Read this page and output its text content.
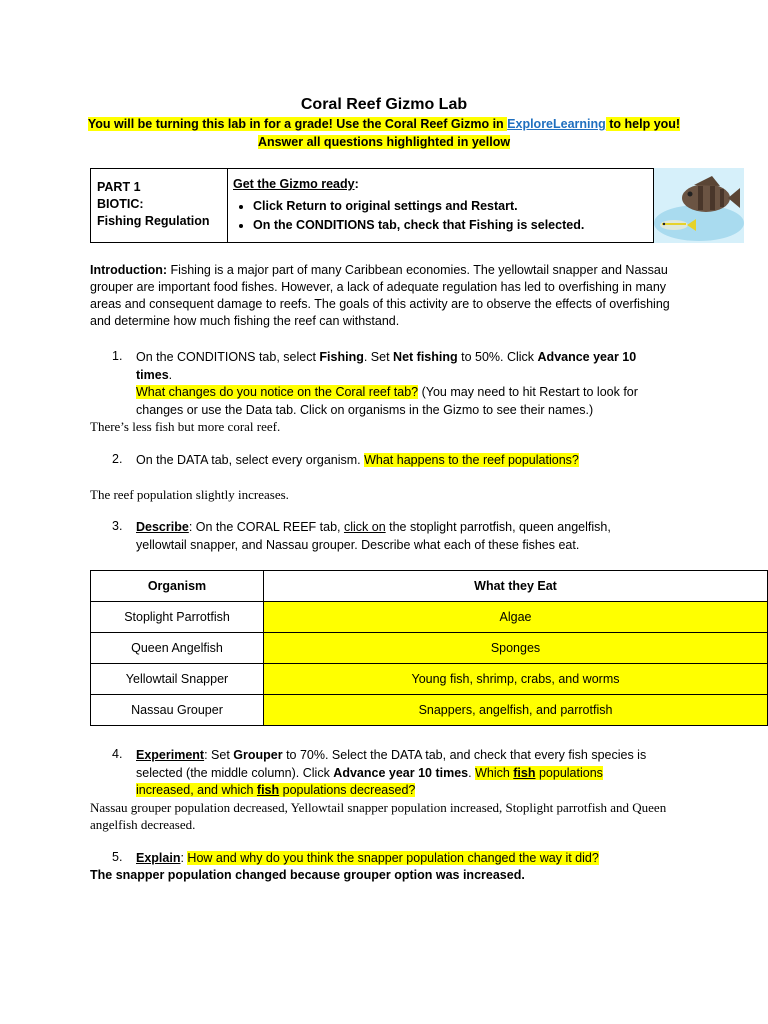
Coral Reef Gizmo Lab
You will be turning this lab in for a grade! Use the Coral Reef Gizmo in ExploreLearning to help you!
Answer all questions highlighted in yellow
PART 1
BIOTIC:
Fishing Regulation
Get the Gizmo ready:
• Click Return to original settings and Restart.
• On the CONDITIONS tab, check that Fishing is selected.
Introduction: Fishing is a major part of many Caribbean economies. The yellowtail snapper and Nassau grouper are important food fishes. However, a lack of adequate regulation has led to overfishing in many areas and consequent damage to reefs. The goals of this activity are to observe the effects of overfishing and determine how much fishing the reef can withstand.
1.	On the CONDITIONS tab, select Fishing. Set Net fishing to 50%. Click Advance year 10 times.
What changes do you notice on the Coral reef tab? (You may need to hit Restart to look for changes or use the Data tab. Click on organisms in the Gizmo to see their names.)
There’s less fish but more coral reef.
2.	On the DATA tab, select every organism. What happens to the reef populations?
The reef population slightly increases.
3.	Describe: On the CORAL REEF tab, click on the stoplight parrotfish, queen angelfish, yellowtail snapper, and Nassau grouper. Describe what each of these fishes eat.
Organism	What they Eat
Stoplight Parrotfish	Algae
Queen Angelfish	Sponges
Yellowtail Snapper	Young fish, shrimp, crabs, and worms
Nassau Grouper	Snappers, angelfish, and parrotfish
4.	Experiment: Set Grouper to 70%. Select the DATA tab, and check that every fish species is selected (the middle column). Click Advance year 10 times. Which fish populations increased, and which fish populations decreased?
Nassau grouper population decreased, Yellowtail snapper population increased, Stoplight parrotfish and Queen angelfish decreased.
5.	Explain: How and why do you think the snapper population changed the way it did?
The snapper population changed because grouper option was increased.
